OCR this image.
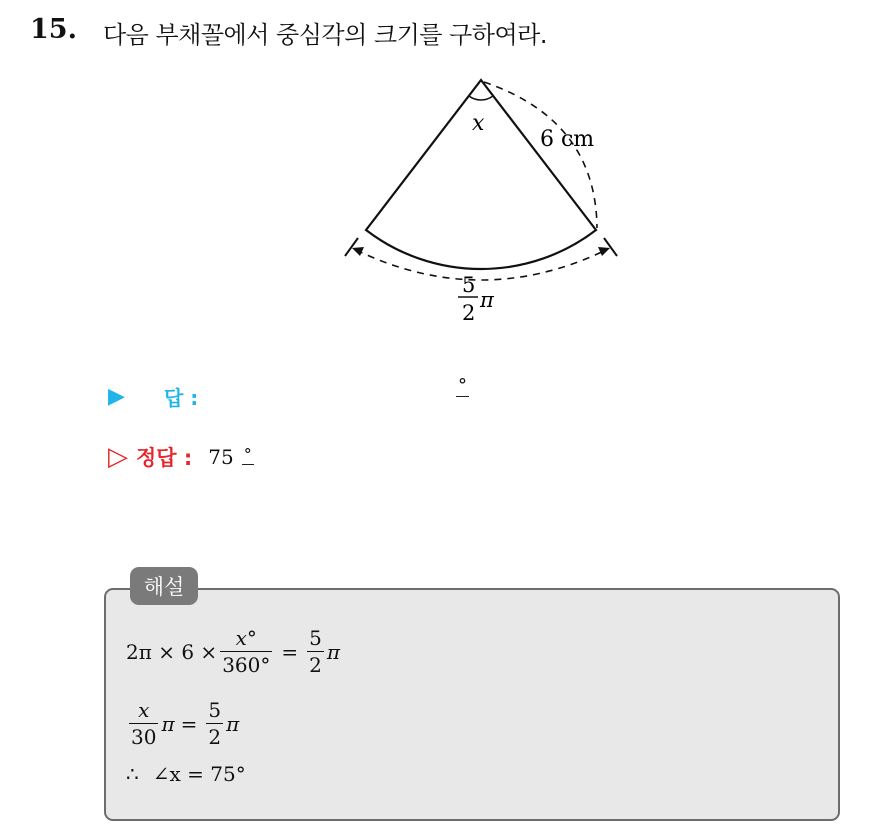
15. 다음 부채꼴에서 중심각의 크기를 구하여라.
x
6 cm
5
2
π
▶	답 :	°
▷ 정답 : 75 °
해설
$2\pi \times 6 \times \frac{x^\circ}{360^\circ} = \frac{5}{2}$ π
$\frac{x}{30}$ $\pi = \frac{5}{2}$ π
∴ ∠x = 75°
